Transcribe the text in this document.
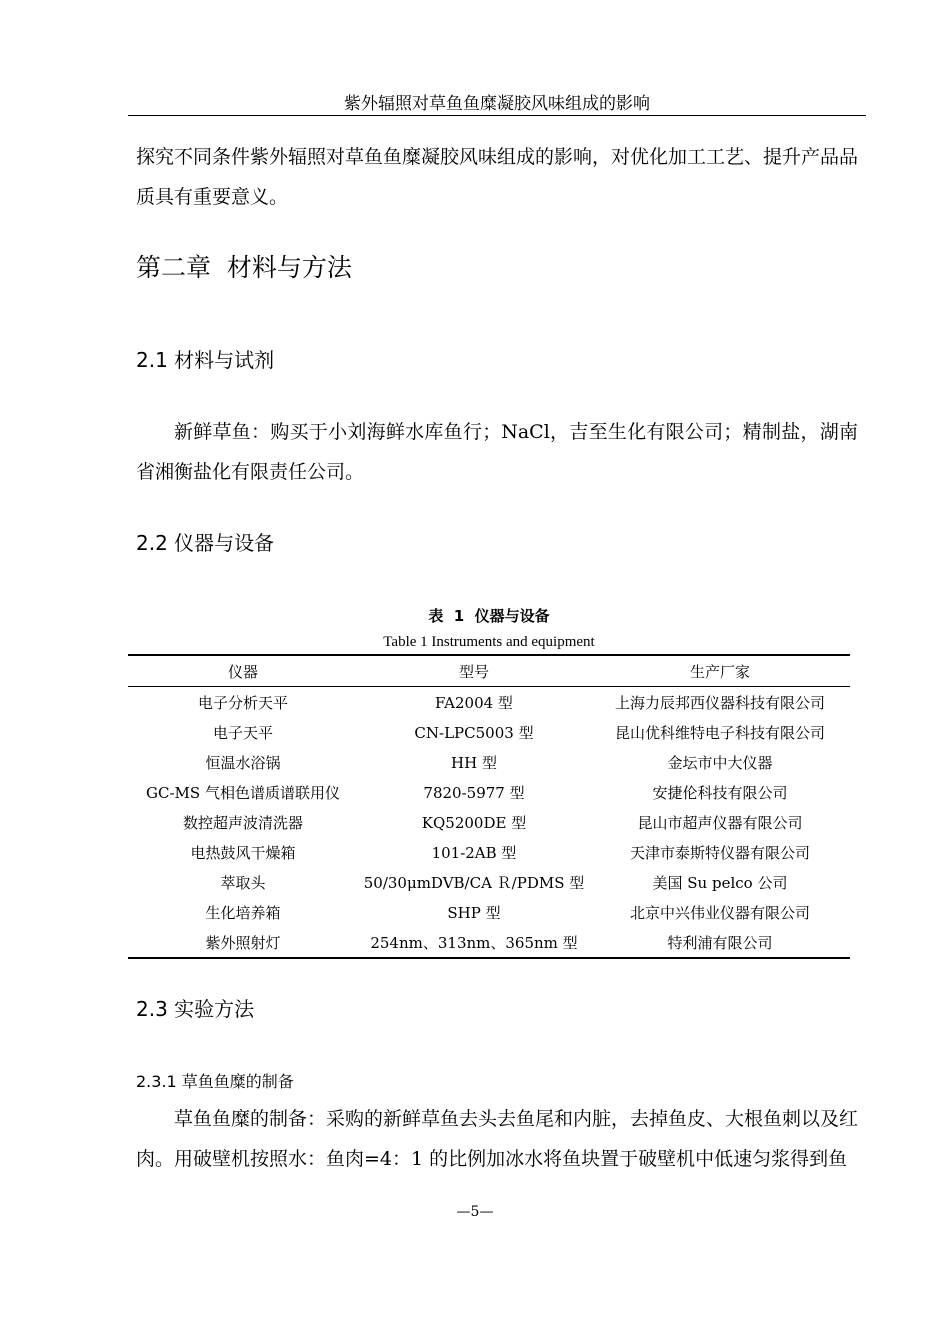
紫外辐照对草鱼鱼糜凝胶风味组成的影响
探究不同条件紫外辐照对草鱼鱼糜凝胶风味组成的影响，对优化加工工艺、提升产品品质具有重要意义。
第二章  材料与方法
2.1 材料与试剂
新鲜草鱼：购买于小刘海鲜水库鱼行；NaCl，吉至生化有限公司；精制盐，湖南省湘衡盐化有限责任公司。
2.2 仪器与设备
表  1  仪器与设备
Table 1 Instruments and equipment
仪器	型号	生产厂家
电子分析天平	FA2004 型	上海力辰邦西仪器科技有限公司
电子天平	CN-LPC5003 型	昆山优科维特电子科技有限公司
恒温水浴锅	HH 型	金坛市中大仪器
GC-MS 气相色谱质谱联用仪	7820-5977 型	安捷伦科技有限公司
数控超声波清洗器	KQ5200DE 型	昆山市超声仪器有限公司
电热鼓风干燥箱	101-2AB 型	天津市泰斯特仪器有限公司
萃取头	50/30μmDVB/CA Ｒ/PDMS 型	美国 Su pelco 公司
生化培养箱	SHP 型	北京中兴伟业仪器有限公司
紫外照射灯	254nm、313nm、365nm 型	特利浦有限公司
2.3 实验方法
2.3.1 草鱼鱼糜的制备
草鱼鱼糜的制备：采购的新鲜草鱼去头去鱼尾和内脏，去掉鱼皮、大根鱼刺以及红肉。用破壁机按照水：鱼肉=4：1 的比例加冰水将鱼块置于破壁机中低速匀浆得到鱼
—5—
